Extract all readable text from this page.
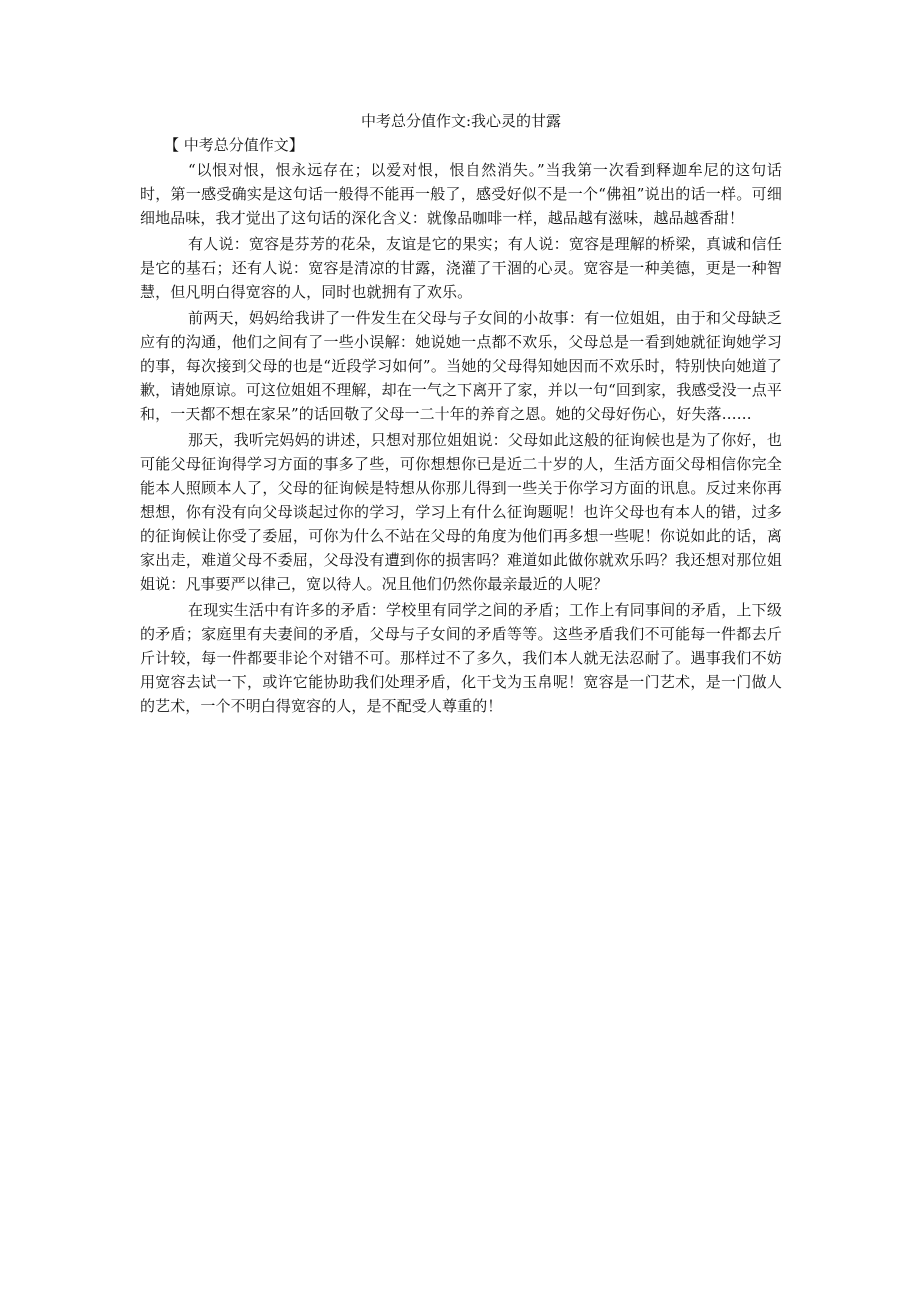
中考总分值作文:我心灵的甘露
【 中考总分值作文】

“以恨对恨，恨永远存在；以爱对恨，恨自然消失。”当我第一次看到释迦牟尼的这句话时，第一感受确实是这句话一般得不能再一般了，感受好似不是一个“佛祖”说出的话一样。可细细地品味，我才觉出了这句话的深化含义：就像品咖啡一样，越品越有滋味，越品越香甜！

有人说：宽容是芬芳的花朵，友谊是它的果实；有人说：宽容是理解的桥梁，真诚和信任是它的基石；还有人说：宽容是清凉的甘露，浇灌了干涸的心灵。宽容是一种美德，更是一种智慧，但凡明白得宽容的人，同时也就拥有了欢乐。

前两天，妈妈给我讲了一件发生在父母与子女间的小故事：有一位姐姐，由于和父母缺乏应有的沟通，他们之间有了一些小误解：她说她一点都不欢乐，父母总是一看到她就征询她学习的事，每次接到父母的也是“近段学习如何”。当她的父母得知她因而不欢乐时，特别快向她道了歉，请她原谅。可这位姐姐不理解，却在一气之下离开了家，并以一句“回到家，我感受没一点平和，一天都不想在家呆”的话回敬了父母一二十年的养育之恩。她的父母好伤心，好失落……

那天，我听完妈妈的讲述，只想对那位姐姐说：父母如此这般的征询候也是为了你好，也可能父母征询得学习方面的事多了些，可你想想你已是近二十岁的人，生活方面父母相信你完全能本人照顾本人了，父母的征询候是特想从你那儿得到一些关于你学习方面的讯息。反过来你再想想，你有没有向父母谈起过你的学习，学习上有什么征询题呢！也许父母也有本人的错，过多的征询候让你受了委屈，可你为什么不站在父母的角度为他们再多想一些呢！你说如此的话，离家出走，难道父母不委屈，父母没有遭到你的损害吗？难道如此做你就欢乐吗？我还想对那位姐姐说：凡事要严以律己，宽以待人。况且他们仍然你最亲最近的人呢？

在现实生活中有许多的矛盾：学校里有同学之间的矛盾；工作上有同事间的矛盾，上下级的矛盾；家庭里有夫妻间的矛盾，父母与子女间的矛盾等等。这些矛盾我们不可能每一件都去斤斤计较，每一件都要非论个对错不可。那样过不了多久，我们本人就无法忍耐了。遇事我们不妨用宽容去试一下，或许它能协助我们处理矛盾，化干戈为玉帛呢！宽容是一门艺术，是一门做人的艺术，一个不明白得宽容的人，是不配受人尊重的！
